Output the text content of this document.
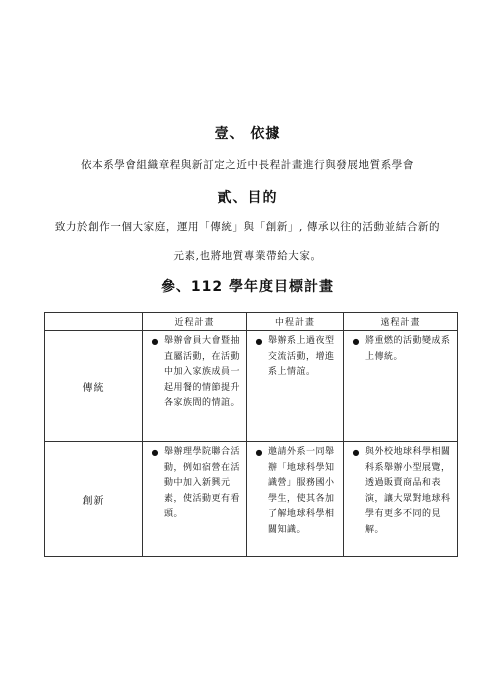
壹、 依據
依本系學會組織章程與新訂定之近中長程計畫進行與發展地質系學會
貳、目的
致力於創作一個大家庭，運用「傳統」與「創新」, 傳承以往的活動並結合新的
元素,也將地質專業帶給大家。
參、112 學年度目標計畫
	近程計畫	中程計畫	遠程計畫
傳統	● 舉辦會員大會暨抽直屬活動，在活動中加入家族成員一起用餐的情節提升各家族間的情誼。	● 舉辦系上過夜型交流活動，增進系上情誼。	● 將重燃的活動變成系上傳統。

創新	● 舉辦理學院聯合活動，例如宿營在活動中加入新興元素，使活動更有看頭。	● 邀請外系一同舉辦「地球科學知識營」服務國小學生，使其各加了解地球科學相關知識。	● 與外校地球科學相關科系舉辦小型展覽，透過販賣商品和表演，讓大眾對地球科學有更多不同的見解。
